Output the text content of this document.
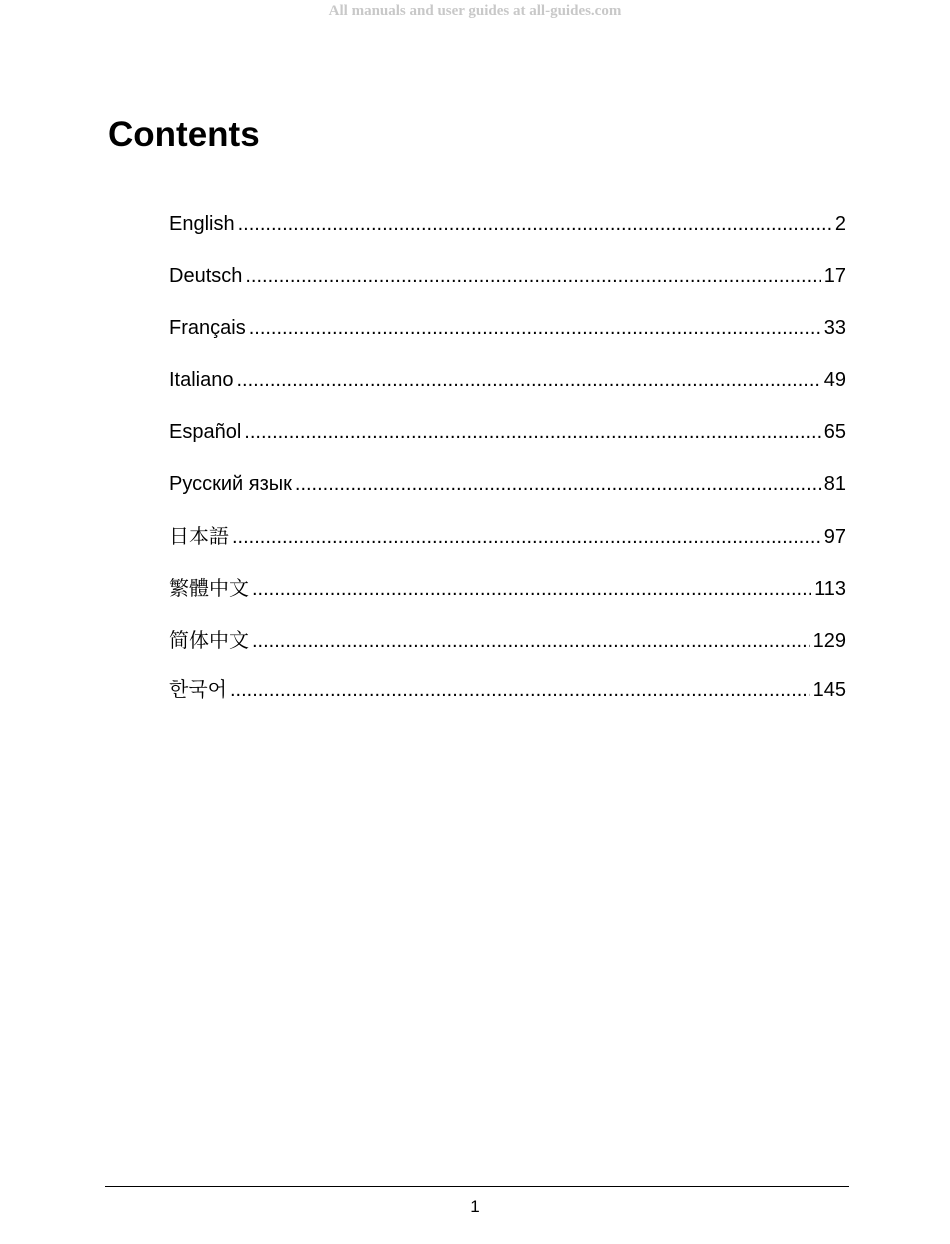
All manuals and user guides at all-guides.com
Contents
English .....	2
Deutsch .....	17
Français .....	33
Italiano .....	49
Español .....	65
Русский язык .....	81
日本語 .....	97
繁體中文 .....	113
简体中文 .....	129
한국어 .....	145
1
